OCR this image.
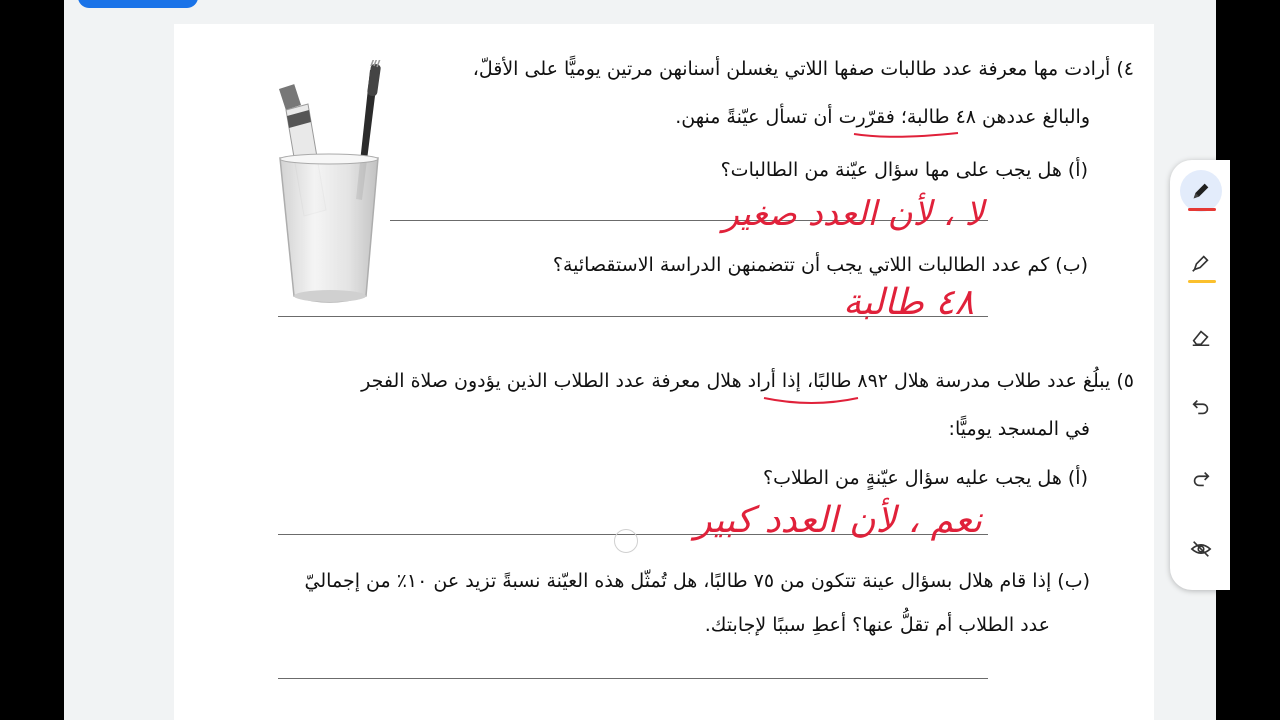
٤) أرادت مها معرفة عدد طالبات صفها اللاتي يغسلن أسنانهن مرتين يوميًّا على الأقلّ،
والبالغ عددهن ٤٨ طالبة؛ فقرّرت أن تسأل عيّنةً منهن.
(أ) هل يجب على مها سؤال عيّنة من الطالبات؟
لا ، لأن العدد صغير
(ب) كم عدد الطالبات اللاتي يجب أن تتضمنهن الدراسة الاستقصائية؟
٤٨ طالبة
٥) يبلُغ عدد طلاب مدرسة هلال ٨٩٢ طالبًا، إذا أراد هلال معرفة عدد الطلاب الذين يؤدون صلاة الفجر
في المسجد يوميًّا:
(أ) هل يجب عليه سؤال عيّنةٍ من الطلاب؟
نعم ، لأن العدد كبير
(ب) إذا قام هلال بسؤال عينة تتكون من ٧٥ طالبًا، هل تُمثّل هذه العيّنة نسبةً تزيد عن ١٠٪ من إجماليّ
عدد الطلاب أم تقلُّ عنها؟ أعطِ سببًا لإجابتك.
